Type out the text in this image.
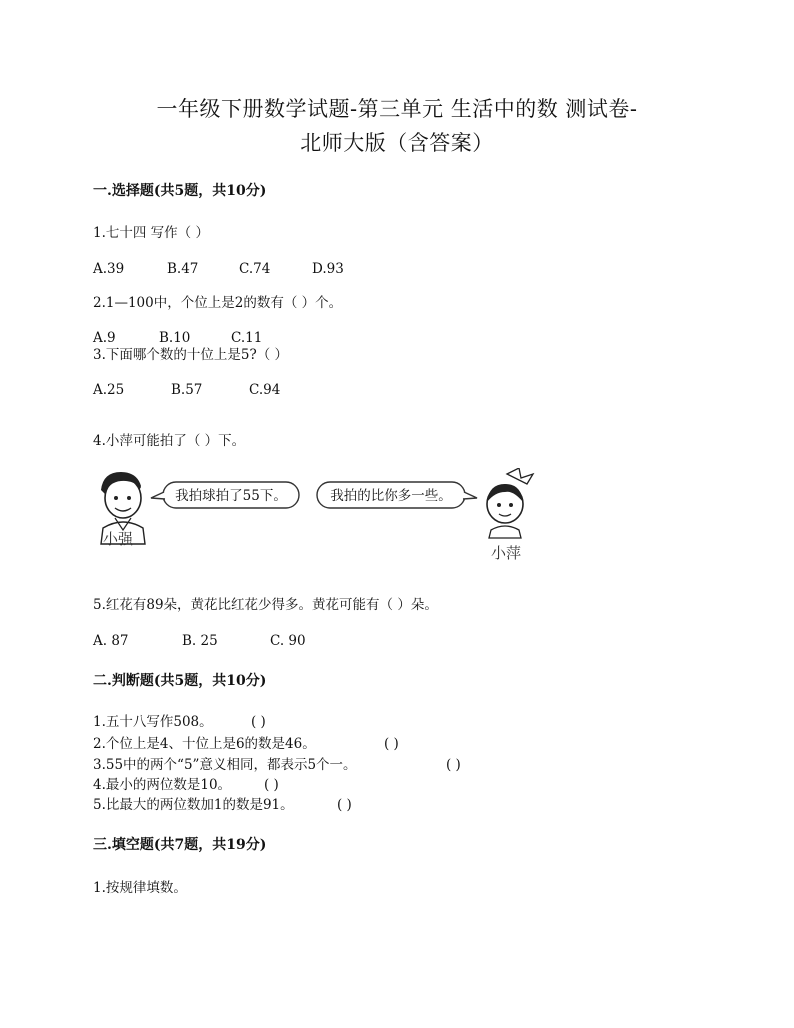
一年级下册数学试题-第三单元 生活中的数 测试卷-
北师大版（含答案）
一.选择题(共5题，共10分)
1.七十四 写作（ ）
A.39	B.47	C.74	D.93
2.1—100中，个位上是2的数有（ ）个。
A.9	B.10	C.11
3.下面哪个数的十位上是5?（ ）
A.25	B.57	C.94
4.小萍可能拍了（ ）下。
小强
我拍球拍了55下。	我拍的比你多一些。
小萍
5.红花有89朵，黄花比红花少得多。黄花可能有（ ）朵。
A. 87	B. 25	C. 90
二.判断题(共5题，共10分)
1.五十八写作508。	( )
2.个位上是4、十位上是6的数是46。	( )
3.55中的两个“5”意义相同，都表示5个一。	( )
4.最小的两位数是10。 ( )
5.比最大的两位数加1的数是91。	( )
三.填空题(共7题，共19分)
1.按规律填数。
